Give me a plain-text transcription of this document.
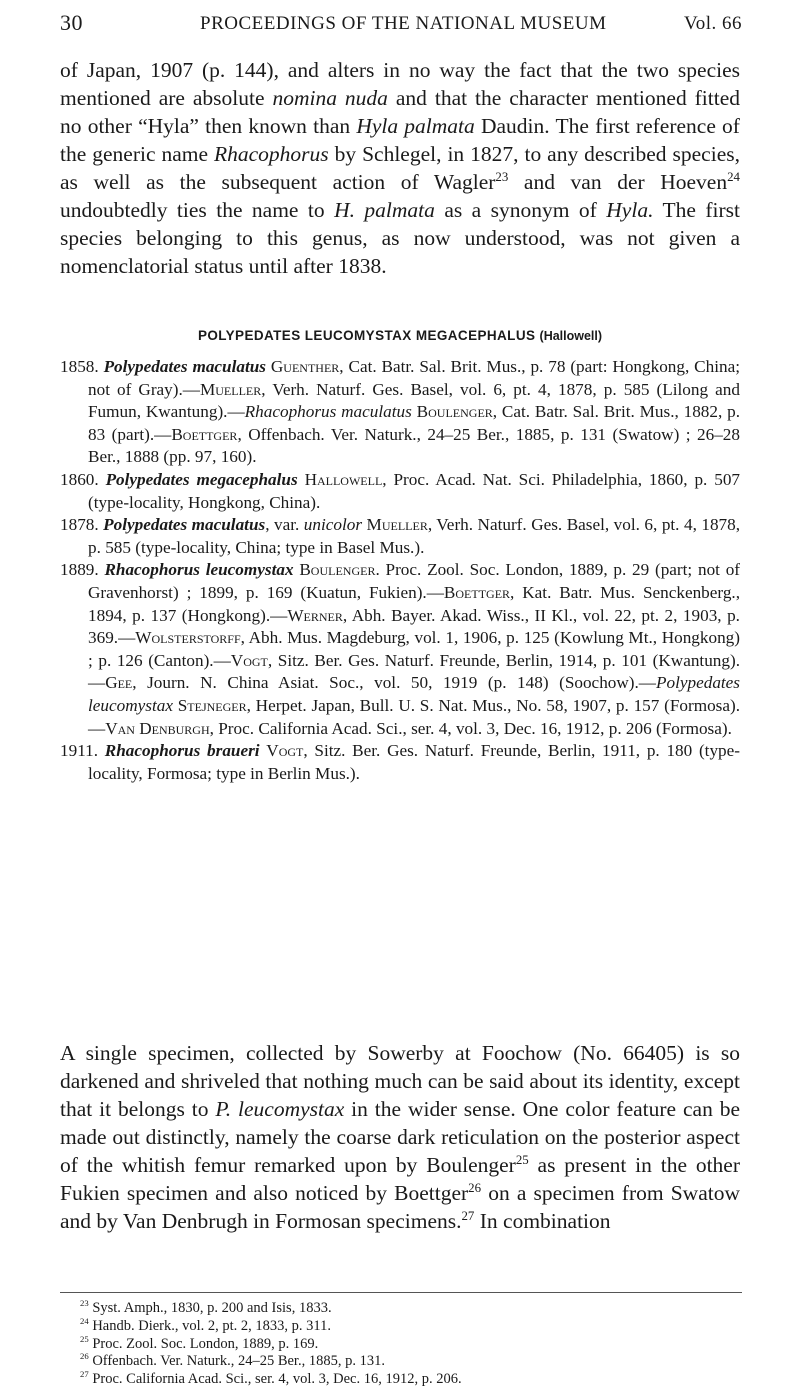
30	PROCEEDINGS OF THE NATIONAL MUSEUM	Vol. 66

of Japan, 1907 (p. 144), and alters in no way the fact that the two species mentioned are absolute nomina nuda and that the character mentioned fitted no other “Hyla” then known than Hyla palmata Daudin. The first reference of the generic name Rhacophorus by Schlegel, in 1827, to any described species, as well as the subsequent action of Wagler$^{23}$ and van der Hoeven$^{24}$ undoubtedly ties the name to H. palmata as a synonym of Hyla. The first species belonging to this genus, as now understood, was not given a nomenclatorial status until after 1838.

POLYPEDATES LEUCOMYSTAX MEGACEPHALUS (Hallowell)

1858. Polypedates maculatus Guenther, Cat. Batr. Sal. Brit. Mus., p. 78 (part: Hongkong, China; not of Gray).—Mueller, Verh. Naturf. Ges. Basel, vol. 6, pt. 4, 1878, p. 585 (Lilong and Fumun, Kwantung).—Rhacophorus maculatus Boulenger, Cat. Batr. Sal. Brit. Mus., 1882, p. 83 (part).—Boettger, Offenbach. Ver. Naturk., 24–25 Ber., 1885, p. 131 (Swatow) ; 26–28 Ber., 1888 (pp. 97, 160).

1860. Polypedates megacephalus Hallowell, Proc. Acad. Nat. Sci. Philadelphia, 1860, p. 507 (type-locality, Hongkong, China).

1878. Polypedates maculatus, var. unicolor Mueller, Verh. Naturf. Ges. Basel, vol. 6, pt. 4, 1878, p. 585 (type-locality, China; type in Basel Mus.).

1889. Rhacophorus leucomystax Boulenger. Proc. Zool. Soc. London, 1889, p. 29 (part; not of Gravenhorst) ; 1899, p. 169 (Kuatun, Fukien).—Boettger, Kat. Batr. Mus. Senckenberg., 1894, p. 137 (Hongkong).—Werner, Abh. Bayer. Akad. Wiss., II Kl., vol. 22, pt. 2, 1903, p. 369.—Wolsterstorff, Abh. Mus. Magdeburg, vol. 1, 1906, p. 125 (Kowlung Mt., Hongkong) ; p. 126 (Canton).—Vogt, Sitz. Ber. Ges. Naturf. Freunde, Berlin, 1914, p. 101 (Kwantung).—Gee, Journ. N. China Asiat. Soc., vol. 50, 1919 (p. 148) (Soochow).—Polypedates leucomystax Stejneger, Herpet. Japan, Bull. U. S. Nat. Mus., No. 58, 1907, p. 157 (Formosa).—Van Denburgh, Proc. California Acad. Sci., ser. 4, vol. 3, Dec. 16, 1912, p. 206 (Formosa).

1911. Rhacophorus braueri Vogt, Sitz. Ber. Ges. Naturf. Freunde, Berlin, 1911, p. 180 (type-locality, Formosa; type in Berlin Mus.).

A single specimen, collected by Sowerby at Foochow (No. 66405) is so darkened and shriveled that nothing much can be said about its identity, except that it belongs to P. leucomystax in the wider sense. One color feature can be made out distinctly, namely the coarse dark reticulation on the posterior aspect of the whitish femur remarked upon by Boulenger$^{25}$ as present in the other Fukien specimen and also noticed by Boettger$^{26}$ on a specimen from Swatow and by Van Denbrugh in Formosan specimens.$^{27}$ In combination

$^{23}$ Syst. Amph., 1830, p. 200 and Isis, 1833.

$^{24}$ Handb. Dierk., vol. 2, pt. 2, 1833, p. 311.

$^{25}$ Proc. Zool. Soc. London, 1889, p. 169.

$^{26}$ Offenbach. Ver. Naturk., 24–25 Ber., 1885, p. 131.

$^{27}$ Proc. California Acad. Sci., ser. 4, vol. 3, Dec. 16, 1912, p. 206.
